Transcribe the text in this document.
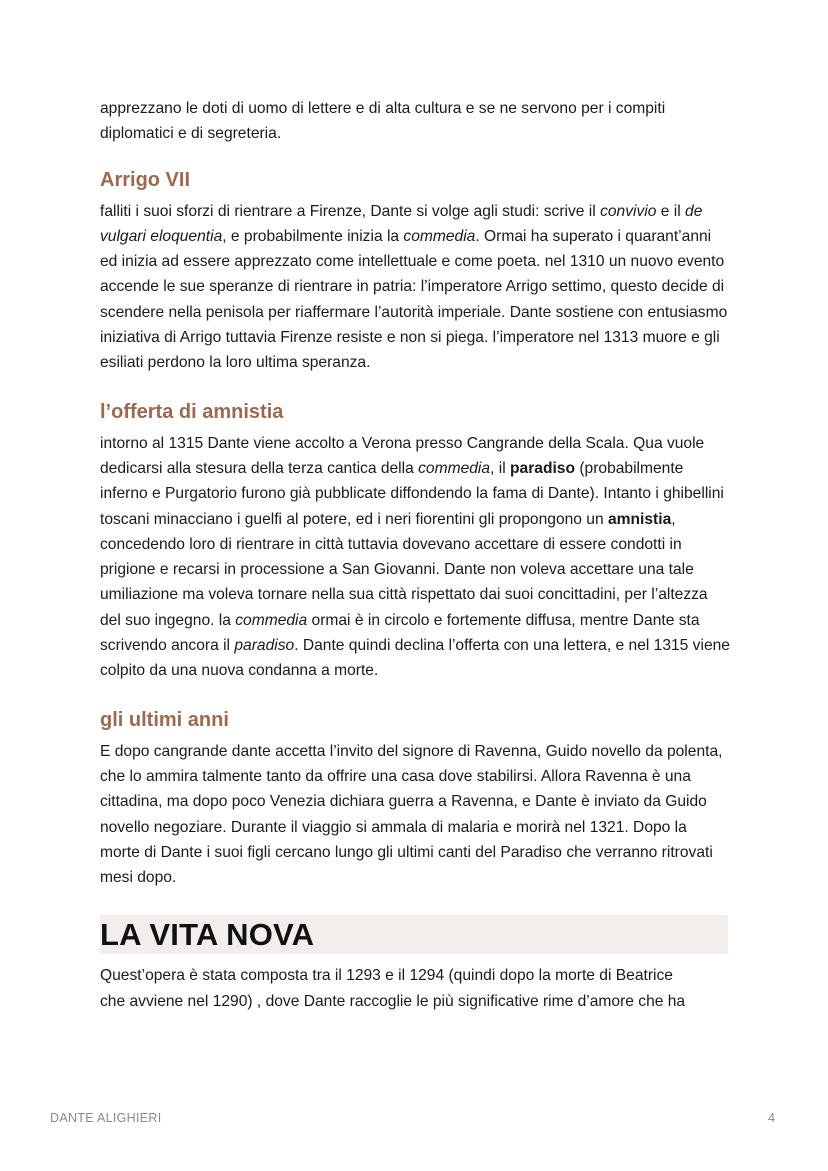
apprezzano le doti di uomo di lettere e di alta cultura e se ne servono per i compiti
diplomatici e di segreteria.

Arrigo VII

falliti i suoi sforzi di rientrare a Firenze, Dante si volge agli studi: scrive il convivio e il de vulgari eloquentia, e probabilmente inizia la commedia. Ormai ha superato i quarant’anni ed inizia ad essere apprezzato come intellettuale e come poeta. nel 1310 un nuovo evento accende le sue speranze di rientrare in patria: l’imperatore Arrigo settimo, questo decide di scendere nella penisola per riaffermare l’autorità imperiale. Dante sostiene con entusiasmo iniziativa di Arrigo tuttavia Firenze resiste e non si piega. l’imperatore nel 1313 muore e gli esiliati perdono la loro ultima speranza.

l’offerta di amnistia

intorno al 1315 Dante viene accolto a Verona presso Cangrande della Scala. Qua vuole dedicarsi alla stesura della terza cantica della commedia, il paradiso (probabilmente inferno e Purgatorio furono già pubblicate diffondendo la fama di Dante). Intanto i ghibellini toscani minacciano i guelfi al potere, ed i neri fiorentini gli propongono un amnistia, concedendo loro di rientrare in città tuttavia dovevano accettare di essere condotti in prigione e recarsi in processione a San Giovanni. Dante non voleva accettare una tale umiliazione ma voleva tornare nella sua città rispettato dai suoi concittadini, per l’altezza del suo ingegno. la commedia ormai è in circolo e fortemente diffusa, mentre Dante sta scrivendo ancora il paradiso. Dante quindi declina l’offerta con una lettera, e nel 1315 viene colpito da una nuova condanna a morte.

gli ultimi anni

E dopo cangrande dante accetta l’invito del signore di Ravenna, Guido novello da polenta, che lo ammira talmente tanto da offrire una casa dove stabilirsi. Allora Ravenna è una cittadina, ma dopo poco Venezia dichiara guerra a Ravenna, e Dante è inviato da Guido novello negoziare. Durante il viaggio si ammala di malaria e morirà nel 1321. Dopo la morte di Dante i suoi figli cercano lungo gli ultimi canti del Paradiso che verranno ritrovati mesi dopo.

LA VITA NOVA

Quest’opera è stata composta tra il 1293 e il 1294 (quindi dopo la morte di Beatrice
che avviene nel 1290) , dove Dante raccoglie le più significative rime d’amore che ha

DANTE ALIGHIERI	4
